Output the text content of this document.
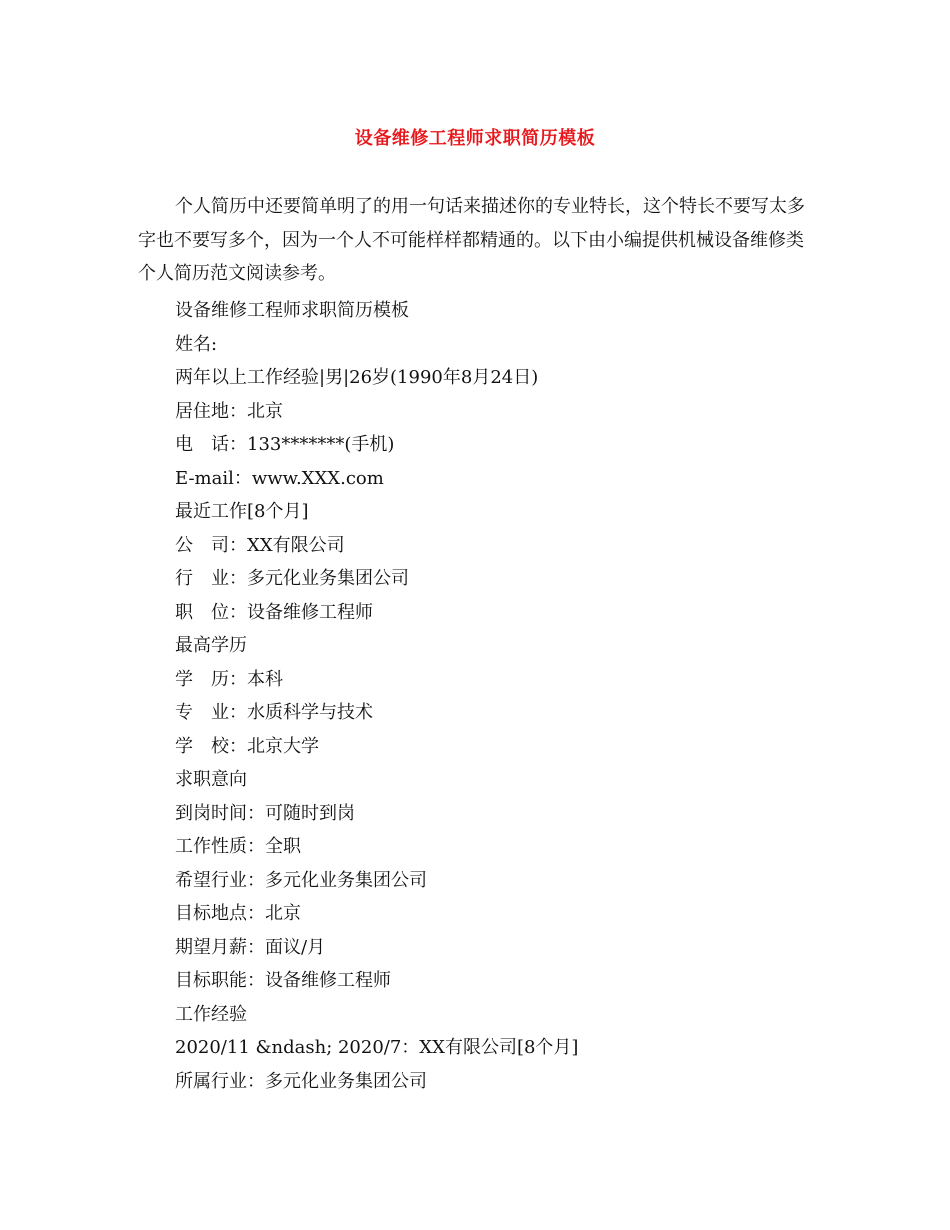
设备维修工程师求职简历模板

个人简历中还要简单明了的用一句话来描述你的专业特长，这个特长不要写太多字也不要写多个，因为一个人不可能样样都精通的。以下由小编提供机械设备维修类个人简历范文阅读参考。

设备维修工程师求职简历模板
姓名:
两年以上工作经验|男|26岁(1990年8月24日)
居住地：北京
电　话：133*******(手机)
E-mail：www.XXX.com
最近工作[8个月]
公　司：XX有限公司
行　业：多元化业务集团公司
职　位：设备维修工程师
最高学历
学　历：本科
专　业：水质科学与技术
学　校：北京大学
求职意向
到岗时间：可随时到岗
工作性质：全职
希望行业：多元化业务集团公司
目标地点：北京
期望月薪：面议/月
目标职能：设备维修工程师
工作经验
2020/11 &ndash; 2020/7：XX有限公司[8个月]
所属行业：多元化业务集团公司
